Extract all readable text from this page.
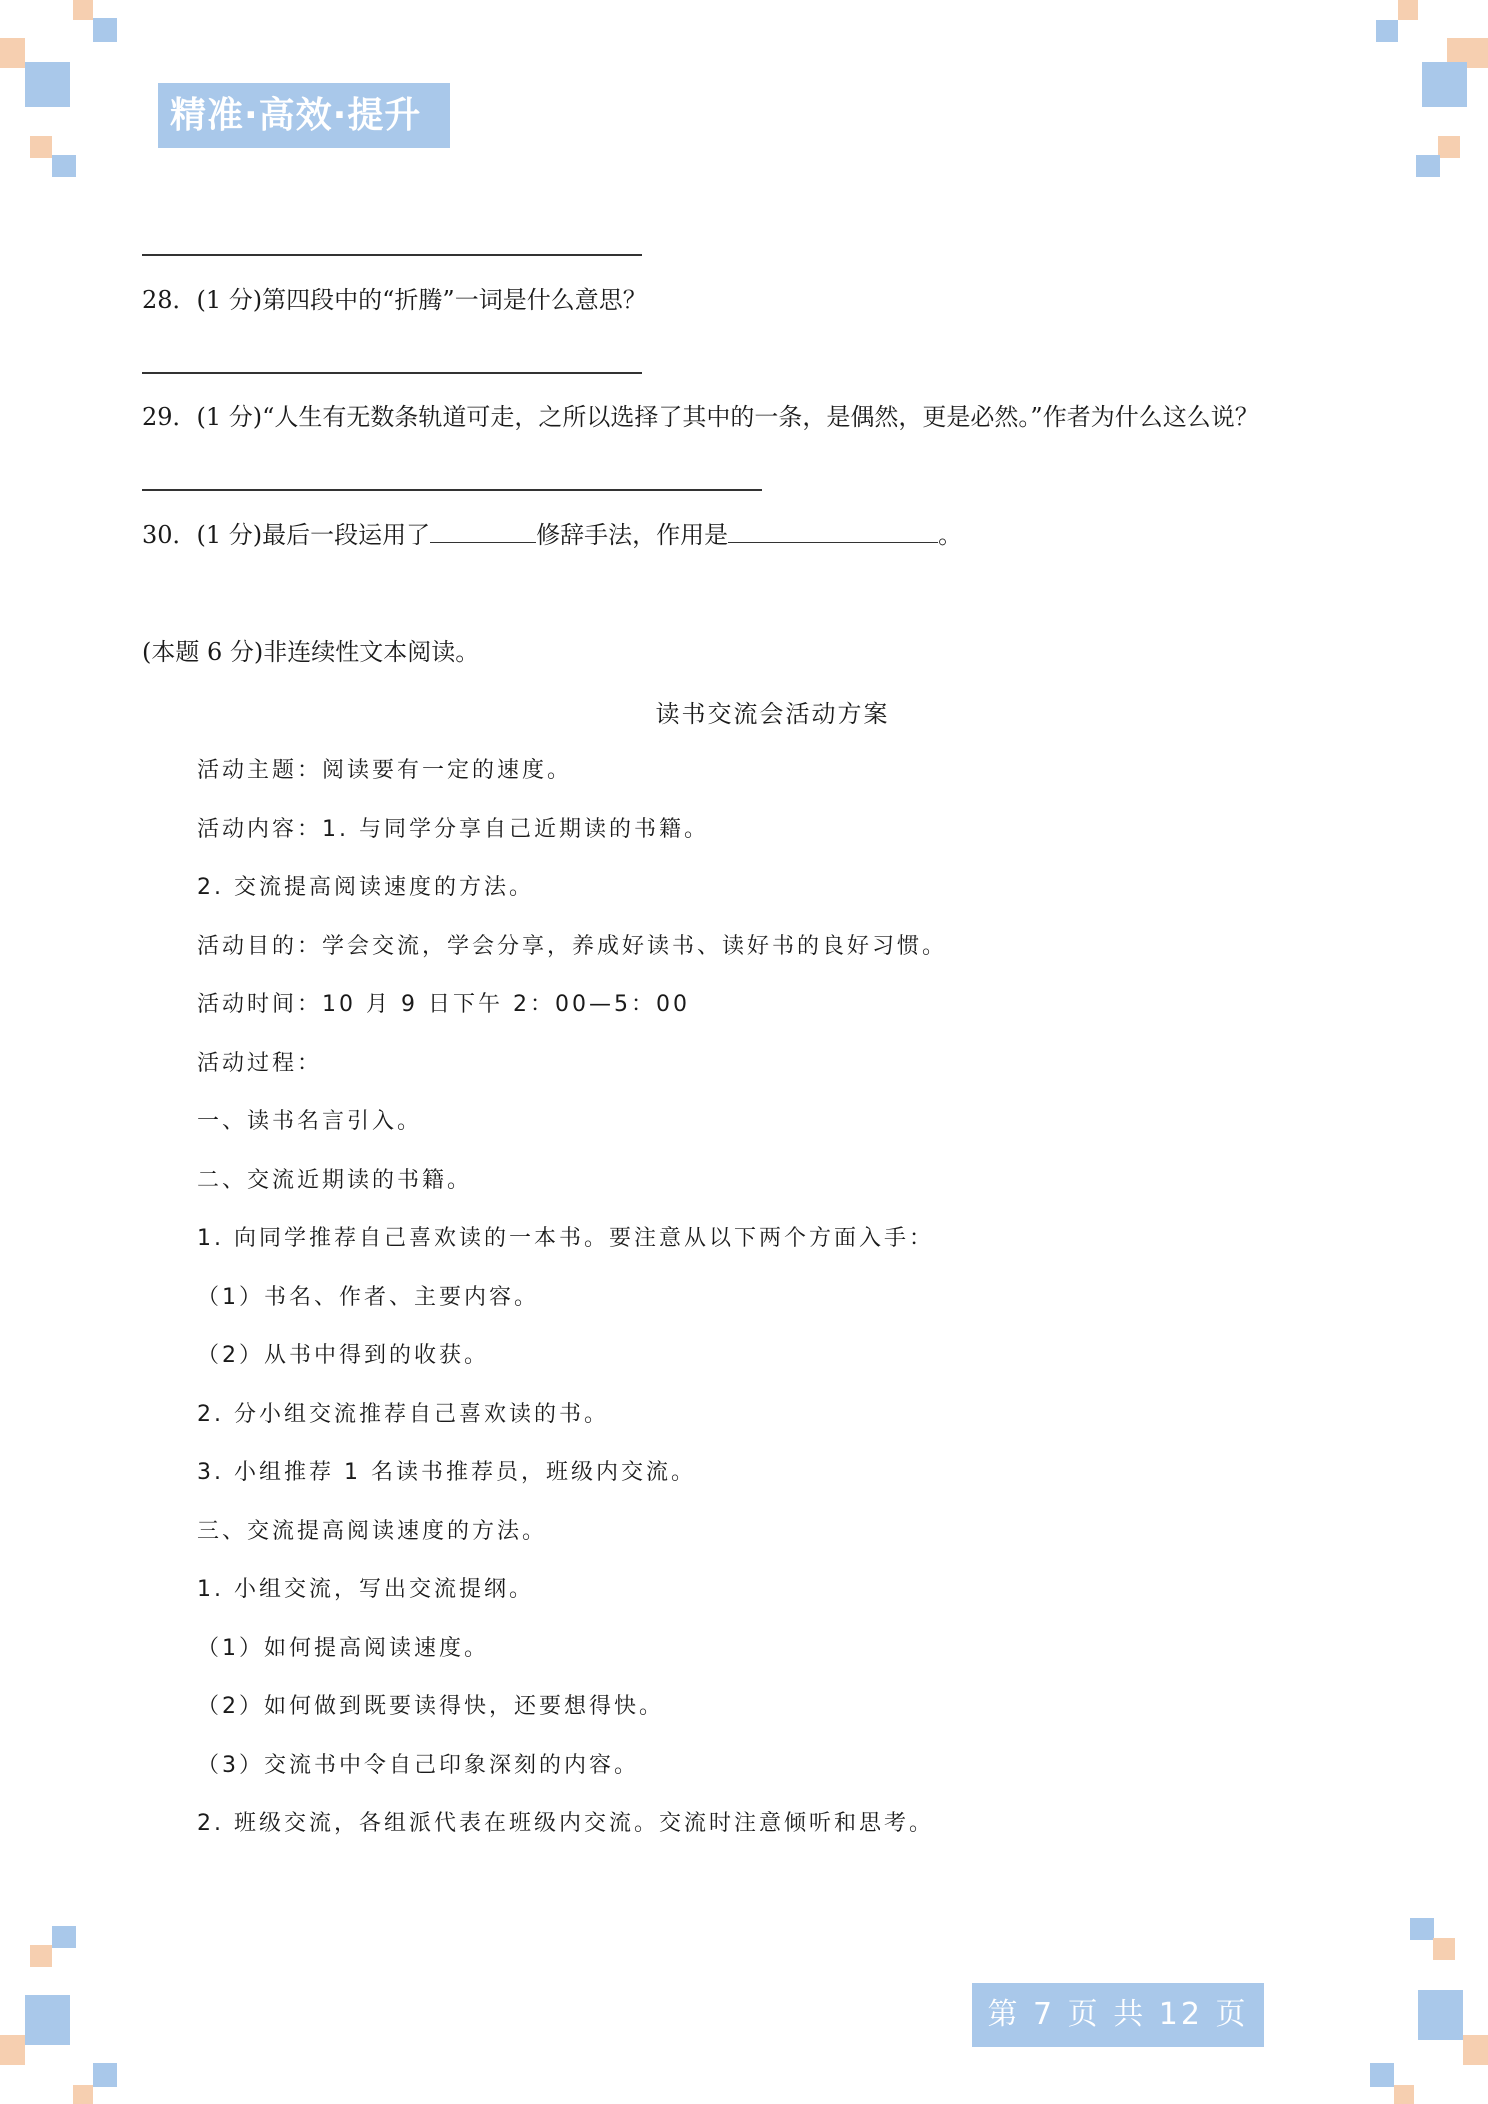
精准·高效·提升
28．(1 分)第四段中的“折腾”一词是什么意思？
29．(1 分)“人生有无数条轨道可走，之所以选择了其中的一条，是偶然，更是必然。”作者为什么这么说？
30．(1 分)最后一段运用了	修辞手法，作用是	。
(本题 6 分)非连续性文本阅读。
读书交流会活动方案
活动主题：阅读要有一定的速度。
活动内容：1. 与同学分享自己近期读的书籍。
2. 交流提高阅读速度的方法。
活动目的：学会交流，学会分享，养成好读书、读好书的良好习惯。
活动时间：10 月 9 日下午 2：00—5：00
活动过程：
一、读书名言引入。
二、交流近期读的书籍。
1. 向同学推荐自己喜欢读的一本书。要注意从以下两个方面入手：
（1）书名、作者、主要内容。
（2）从书中得到的收获。
2. 分小组交流推荐自己喜欢读的书。
3. 小组推荐 1 名读书推荐员，班级内交流。
三、交流提高阅读速度的方法。
1. 小组交流，写出交流提纲。
（1）如何提高阅读速度。
（2）如何做到既要读得快，还要想得快。
（3）交流书中令自己印象深刻的内容。
2. 班级交流，各组派代表在班级内交流。交流时注意倾听和思考。
第 7 页 共 12 页
